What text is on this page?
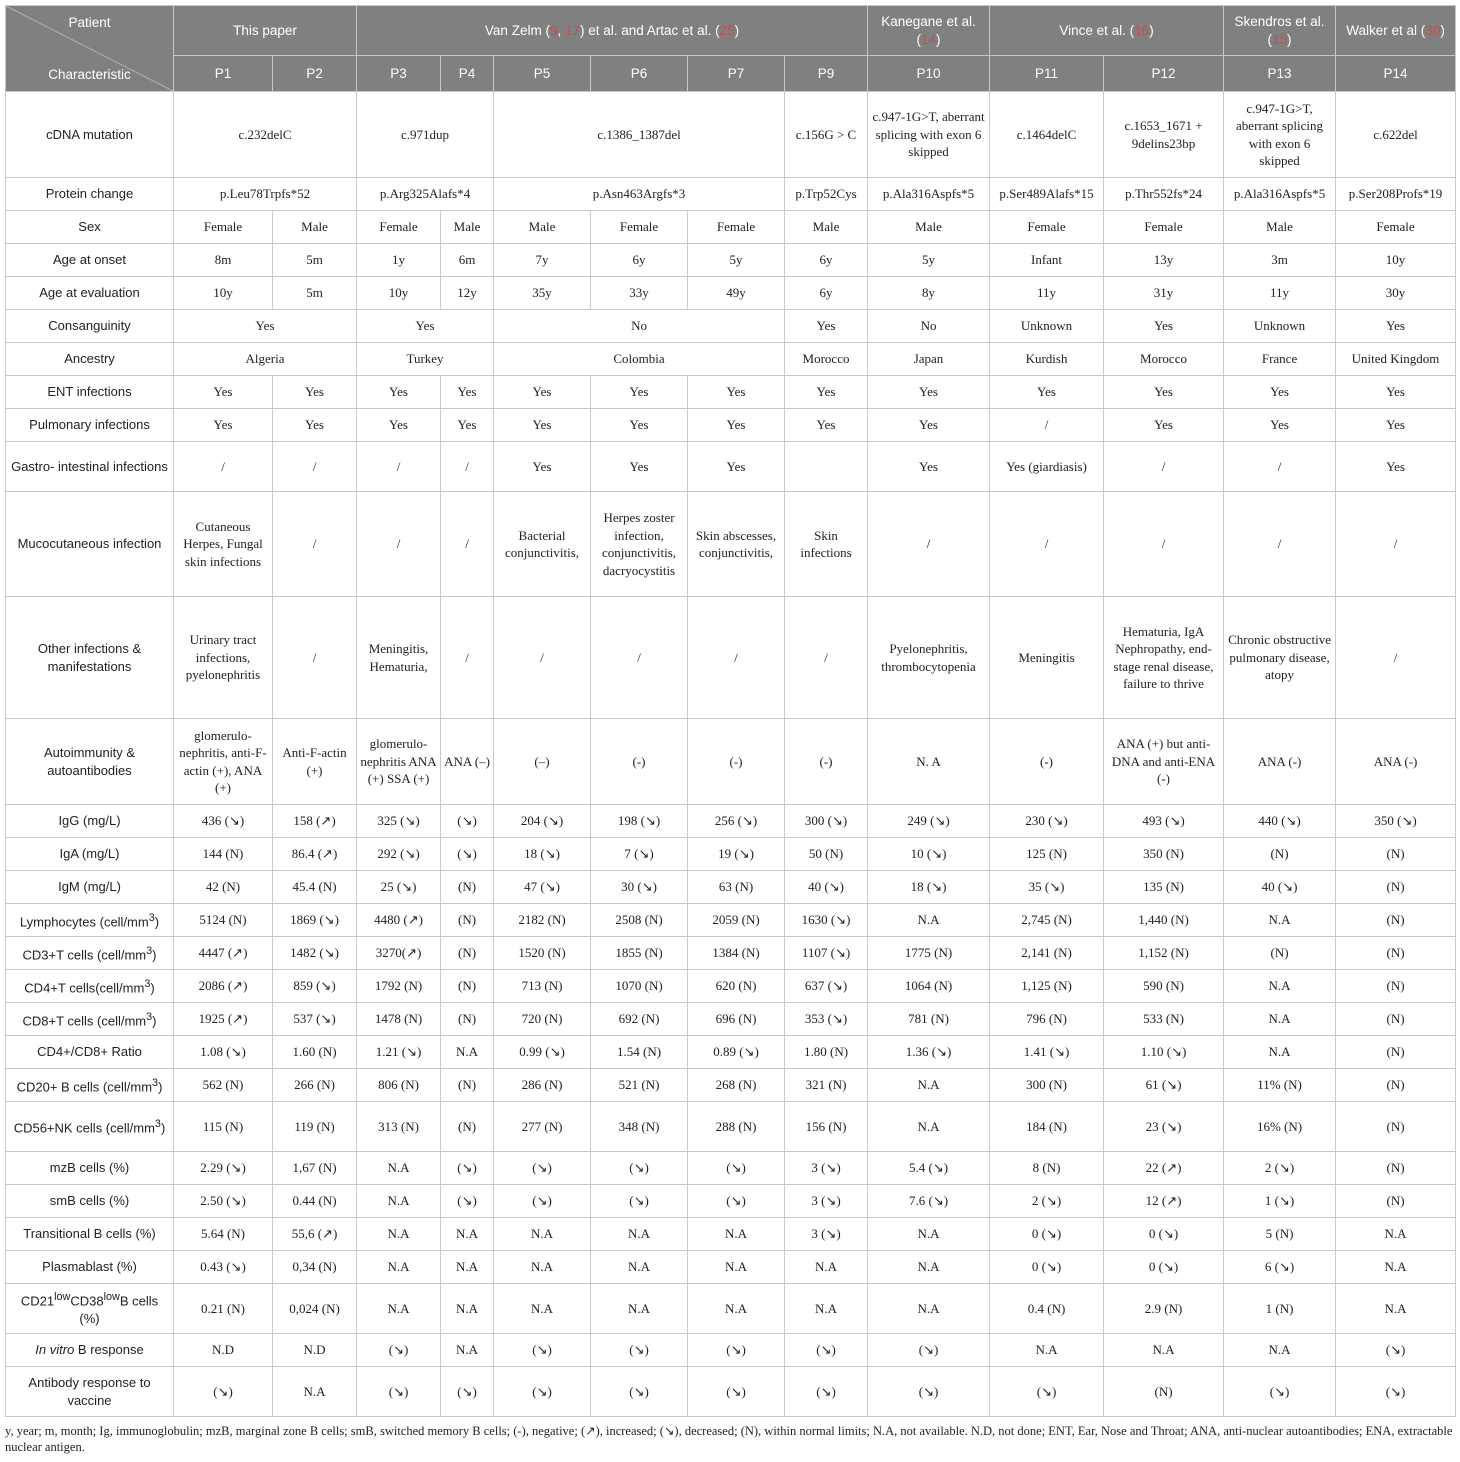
Patient
Characteristic	This paper		Van Zelm (9, 17) et al. and Artac et al. (25)						Kanegane et al. (14)	Vince et al. (16)		Skendros et al. (15)	Walker et al (30)
	P1	P2	P3	P4	P5	P6	P7	P9	P10	P11	P12	P13	P14
cDNA mutation	c.232delC		c.971dup		c.1386_1387del			c.156G > C	c.947-1G>T, aberrant splicing with exon 6 skipped	c.1464delC	c.1653_1671 + 9delins23bp	c.947-1G>T, aberrant splicing with exon 6 skipped	c.622del
Protein change	p.Leu78Trpfs*52		p.Arg325Alafs*4		p.Asn463Argfs*3			p.Trp52Cys	p.Ala316Aspfs*5	p.Ser489Alafs*15	p.Thr552fs*24	p.Ala316Aspfs*5	p.Ser208Profs*19
Sex	Female	Male	Female	Male	Male	Female	Female	Male	Male	Female	Female	Male	Female
Age at onset	8m	5m	1y	6m	7y	6y	5y	6y	5y	Infant	13y	3m	10y
Age at evaluation	10y	5m	10y	12y	35y	33y	49y	6y	8y	11y	31y	11y	30y
Consanguinity	Yes		Yes		No			Yes	No	Unknown	Yes	Unknown	Yes
Ancestry	Algeria		Turkey		Colombia			Morocco	Japan	Kurdish	Morocco	France	United Kingdom
ENT infections	Yes	Yes	Yes	Yes	Yes	Yes	Yes	Yes	Yes	Yes	Yes	Yes	Yes
Pulmonary infections	Yes	Yes	Yes	Yes	Yes	Yes	Yes	Yes	Yes	/	Yes	Yes	Yes
Gastro- intestinal infections	/	/	/	/	Yes	Yes	Yes		Yes	Yes (giardiasis)	/	/	Yes
Mucocutaneous infection	Cutaneous Herpes, Fungal skin infections	/	/	/	Bacterial conjunctivitis,	Herpes zoster infection, conjunctivitis, dacryocystitis	Skin abscesses, conjunctivitis,	Skin infections	/	/	/	/	/
Other infections & manifestations	Urinary tract infections, pyelonephritis	/	Meningitis, Hematuria,	/	/	/	/	/	Pyelonephritis, thrombocytopenia	Meningitis	Hematuria, IgA Nephropathy, end-stage renal disease, failure to thrive	Chronic obstructive pulmonary disease, atopy	/
Autoimmunity & autoantibodies	glomerulo-nephritis, anti-F-actin (+), ANA (+)	Anti-F-actin (+)	glomerulo-nephritis ANA (+) SSA (+)	ANA (–)	(–)	(-)	(-)	(-)	N. A	(-)	ANA (+) but anti-DNA and anti-ENA (-)	ANA (-)	ANA (-)
IgG (mg/L)	436 (↘)	158 (↗)	325 (↘)	(↘)	204 (↘)	198 (↘)	256 (↘)	300 (↘)	249 (↘)	230 (↘)	493 (↘)	440 (↘)	350 (↘)
IgA (mg/L)	144 (N)	86.4 (↗)	292 (↘)	(↘)	18 (↘)	7 (↘)	19 (↘)	50 (N)	10 (↘)	125 (N)	350 (N)	(N)	(N)
IgM (mg/L)	42 (N)	45.4 (N)	25 (↘)	(N)	47 (↘)	30 (↘)	63 (N)	40 (↘)	18 (↘)	35 (↘)	135 (N)	40 (↘)	(N)
Lymphocytes $(cell/mm^3)$	5124 (N)	1869 (↘)	4480 (↗)	(N)	2182 (N)	2508 (N)	2059 (N)	1630 (↘)	N.A	2,745 (N)	1,440 (N)	N.A	(N)
CD3+T cells $(cell/mm^3)$	4447 (↗)	1482 (↘)	3270(↗)	(N)	1520 (N)	1855 (N)	1384 (N)	1107 (↘)	1775 (N)	2,141 (N)	1,152 (N)	(N)	(N)
CD4+T $cells(cell/mm^3)$	2086 (↗)	859 (↘)	1792 (N)	(N)	713 (N)	1070 (N)	620 (N)	637 (↘)	1064 (N)	1,125 (N)	590 (N)	N.A	(N)
CD8+T cells $(cell/mm^3)$	1925 (↗)	537 (↘)	1478 (N)	(N)	720 (N)	692 (N)	696 (N)	353 (↘)	781 (N)	796 (N)	533 (N)	N.A	(N)
CD4+/CD8+ Ratio	1.08 (↘)	1.60 (N)	1.21 (↘)	N.A	0.99 (↘)	1.54 (N)	0.89 (↘)	1.80 (N)	1.36 (↘)	1.41 (↘)	1.10 (↘)	N.A	(N)
CD20+ B cells $(cell/mm^3)$	562 (N)	266 (N)	806 (N)	(N)	286 (N)	521 (N)	268 (N)	321 (N)	N.A	300 (N)	61 (↘)	11% (N)	(N)
CD56+NK cells $(cell/mm^3)$	115 (N)	119 (N)	313 (N)	(N)	277 (N)	348 (N)	288 (N)	156 (N)	N.A	184 (N)	23 (↘)	16% (N)	(N)
mzB cells (%)	2.29 (↘)	1,67 (N)	N.A	(↘)	(↘)	(↘)	(↘)	3 (↘)	5.4 (↘)	8 (N)	22 (↗)	2 (↘)	(N)
smB cells (%)	2.50 (↘)	0.44 (N)	N.A	(↘)	(↘)	(↘)	(↘)	3 (↘)	7.6 (↘)	2 (↘)	12 (↗)	1 (↘)	(N)
Transitional B cells (%)	5.64 (N)	55,6 (↗)	N.A	N.A	N.A	N.A	N.A	3 (↘)	N.A	0 (↘)	0 (↘)	5 (N)	N.A
Plasmablast (%)	0.43 (↘)	0,34 (N)	N.A	N.A	N.A	N.A	N.A	N.A	N.A	0 (↘)	0 (↘)	6 (↘)	N.A
$CD21^{low}CD38^{low}B$ cells (%)	0.21 (N)	0,024 (N)	N.A	N.A	N.A	N.A	N.A	N.A	N.A	0.4 (N)	2.9 (N)	1 (N)	N.A
In vitro B response	N.D	N.D	(↘)	N.A	(↘)	(↘)	(↘)	(↘)	(↘)	N.A	N.A	N.A	(↘)
Antibody response to vaccine	(↘)	N.A	(↘)	(↘)	(↘)	(↘)	(↘)	(↘)	(↘)	(↘)	(N)	(↘)	(↘)
y, year; m, month; Ig, immunoglobulin; mzB, marginal zone B cells; smB, switched memory B cells; (-), negative; (↗), increased; (↘), decreased; (N), within normal limits; N.A, not available. N.D, not done; ENT, Ear, Nose and Throat; ANA, anti-nuclear autoantibodies; ENA, extractable nuclear antigen.
